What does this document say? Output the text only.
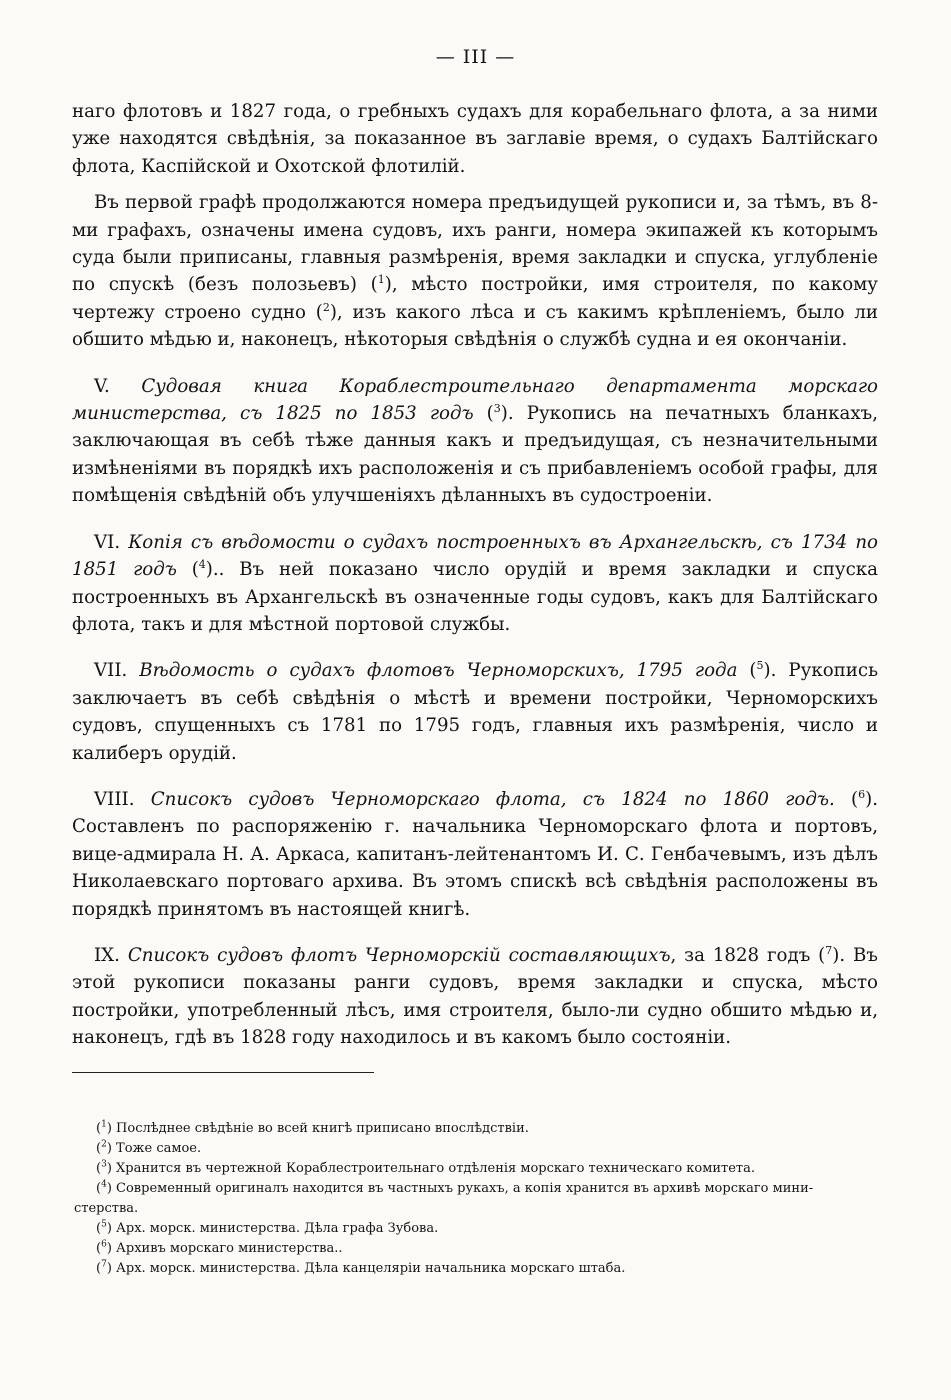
— III —

наго флотовъ и 1827 года, о гребныхъ судахъ для корабельнаго флота, а за ними уже находятся свѣдѣнія, за показанное въ заглавіе время, о судахъ Балтійскаго флота, Каспійской и Охотской флотилій.

Въ первой графѣ продолжаются номера предъидущей рукописи и, за тѣмъ, въ 8-ми графахъ, означены имена судовъ, ихъ ранги, номера экипажей къ которымъ суда были приписаны, главныя размѣренія, время закладки и спуска, углубленіе по спускѣ (безъ полозьевъ) ($^1$), мѣсто постройки, имя строителя, по какому чертежу строено судно ($^2$), изъ какого лѣса и съ какимъ крѣпленіемъ, было ли обшито мѣдью и, наконецъ, нѣкоторыя свѣдѣнія о службѣ судна и ея окончаніи.

V. Судовая книга Кораблестроительнаго департамента морскаго министерства, съ 1825 по 1853 годъ ($^3$). Рукопись на печатныхъ бланкахъ, заключающая въ себѣ тѣже данныя какъ и предъидущая, съ незначительными измѣненіями въ порядкѣ ихъ расположенія и съ прибавленіемъ особой графы, для помѣщенія свѣдѣній объ улучшеніяхъ дѣланныхъ въ судостроеніи.

VI. Копія съ вѣдомости о судахъ построенныхъ въ Архангельскѣ, съ 1734 по 1851 годъ ($^4$).. Въ ней показано число орудій и время закладки и спуска построенныхъ въ Архангельскѣ въ означенные годы судовъ, какъ для Балтійскаго флота, такъ и для мѣстной портовой службы.

VII. Вѣдомость о судахъ флотовъ Черноморскихъ, 1795 года ($^5$). Рукопись заключаетъ въ себѣ свѣдѣнія о мѣстѣ и времени постройки, Черноморскихъ судовъ, спущенныхъ съ 1781 по 1795 годъ, главныя ихъ размѣренія, число и калиберъ орудій.

VIII. Списокъ судовъ Черноморскаго флота, съ 1824 по 1860 годъ. ($^6$). Составленъ по распоряженію г. начальника Черноморскаго флота и портовъ, вице-адмирала Н. А. Аркаса, капитанъ-лейтенантомъ И. С. Генбачевымъ, изъ дѣлъ Николаевскаго портоваго архива. Въ этомъ спискѣ всѣ свѣдѣнія расположены въ порядкѣ принятомъ въ настоящей книгѣ.

IX. Списокъ судовъ флотъ Черноморскій составляющихъ, за 1828 годъ ($^7$). Въ этой рукописи показаны ранги судовъ, время закладки и спуска, мѣсто постройки, употребленный лѣсъ, имя строителя, было-ли судно обшито мѣдью и, наконецъ, гдѣ въ 1828 году находилось и въ какомъ было состояніи.

($^1$) Послѣднее свѣдѣніе во всей книгѣ приписано впослѣдствіи.
($^2$) Тоже самое.
($^3$) Хранится въ чертежной Кораблестроительнаго отдѣленія морскаго техническаго комитета.
($^4$) Современный оригиналъ находится въ частныхъ рукахъ, а копія хранится въ архивѣ морскаго мини-
стерства.
($^5$) Арх. морск. министерства. Дѣла графа Зубова.
($^6$) Архивъ морскаго министерства..
($^7$) Арх. морск. министерства. Дѣла канцеляріи начальника морскаго штаба.
